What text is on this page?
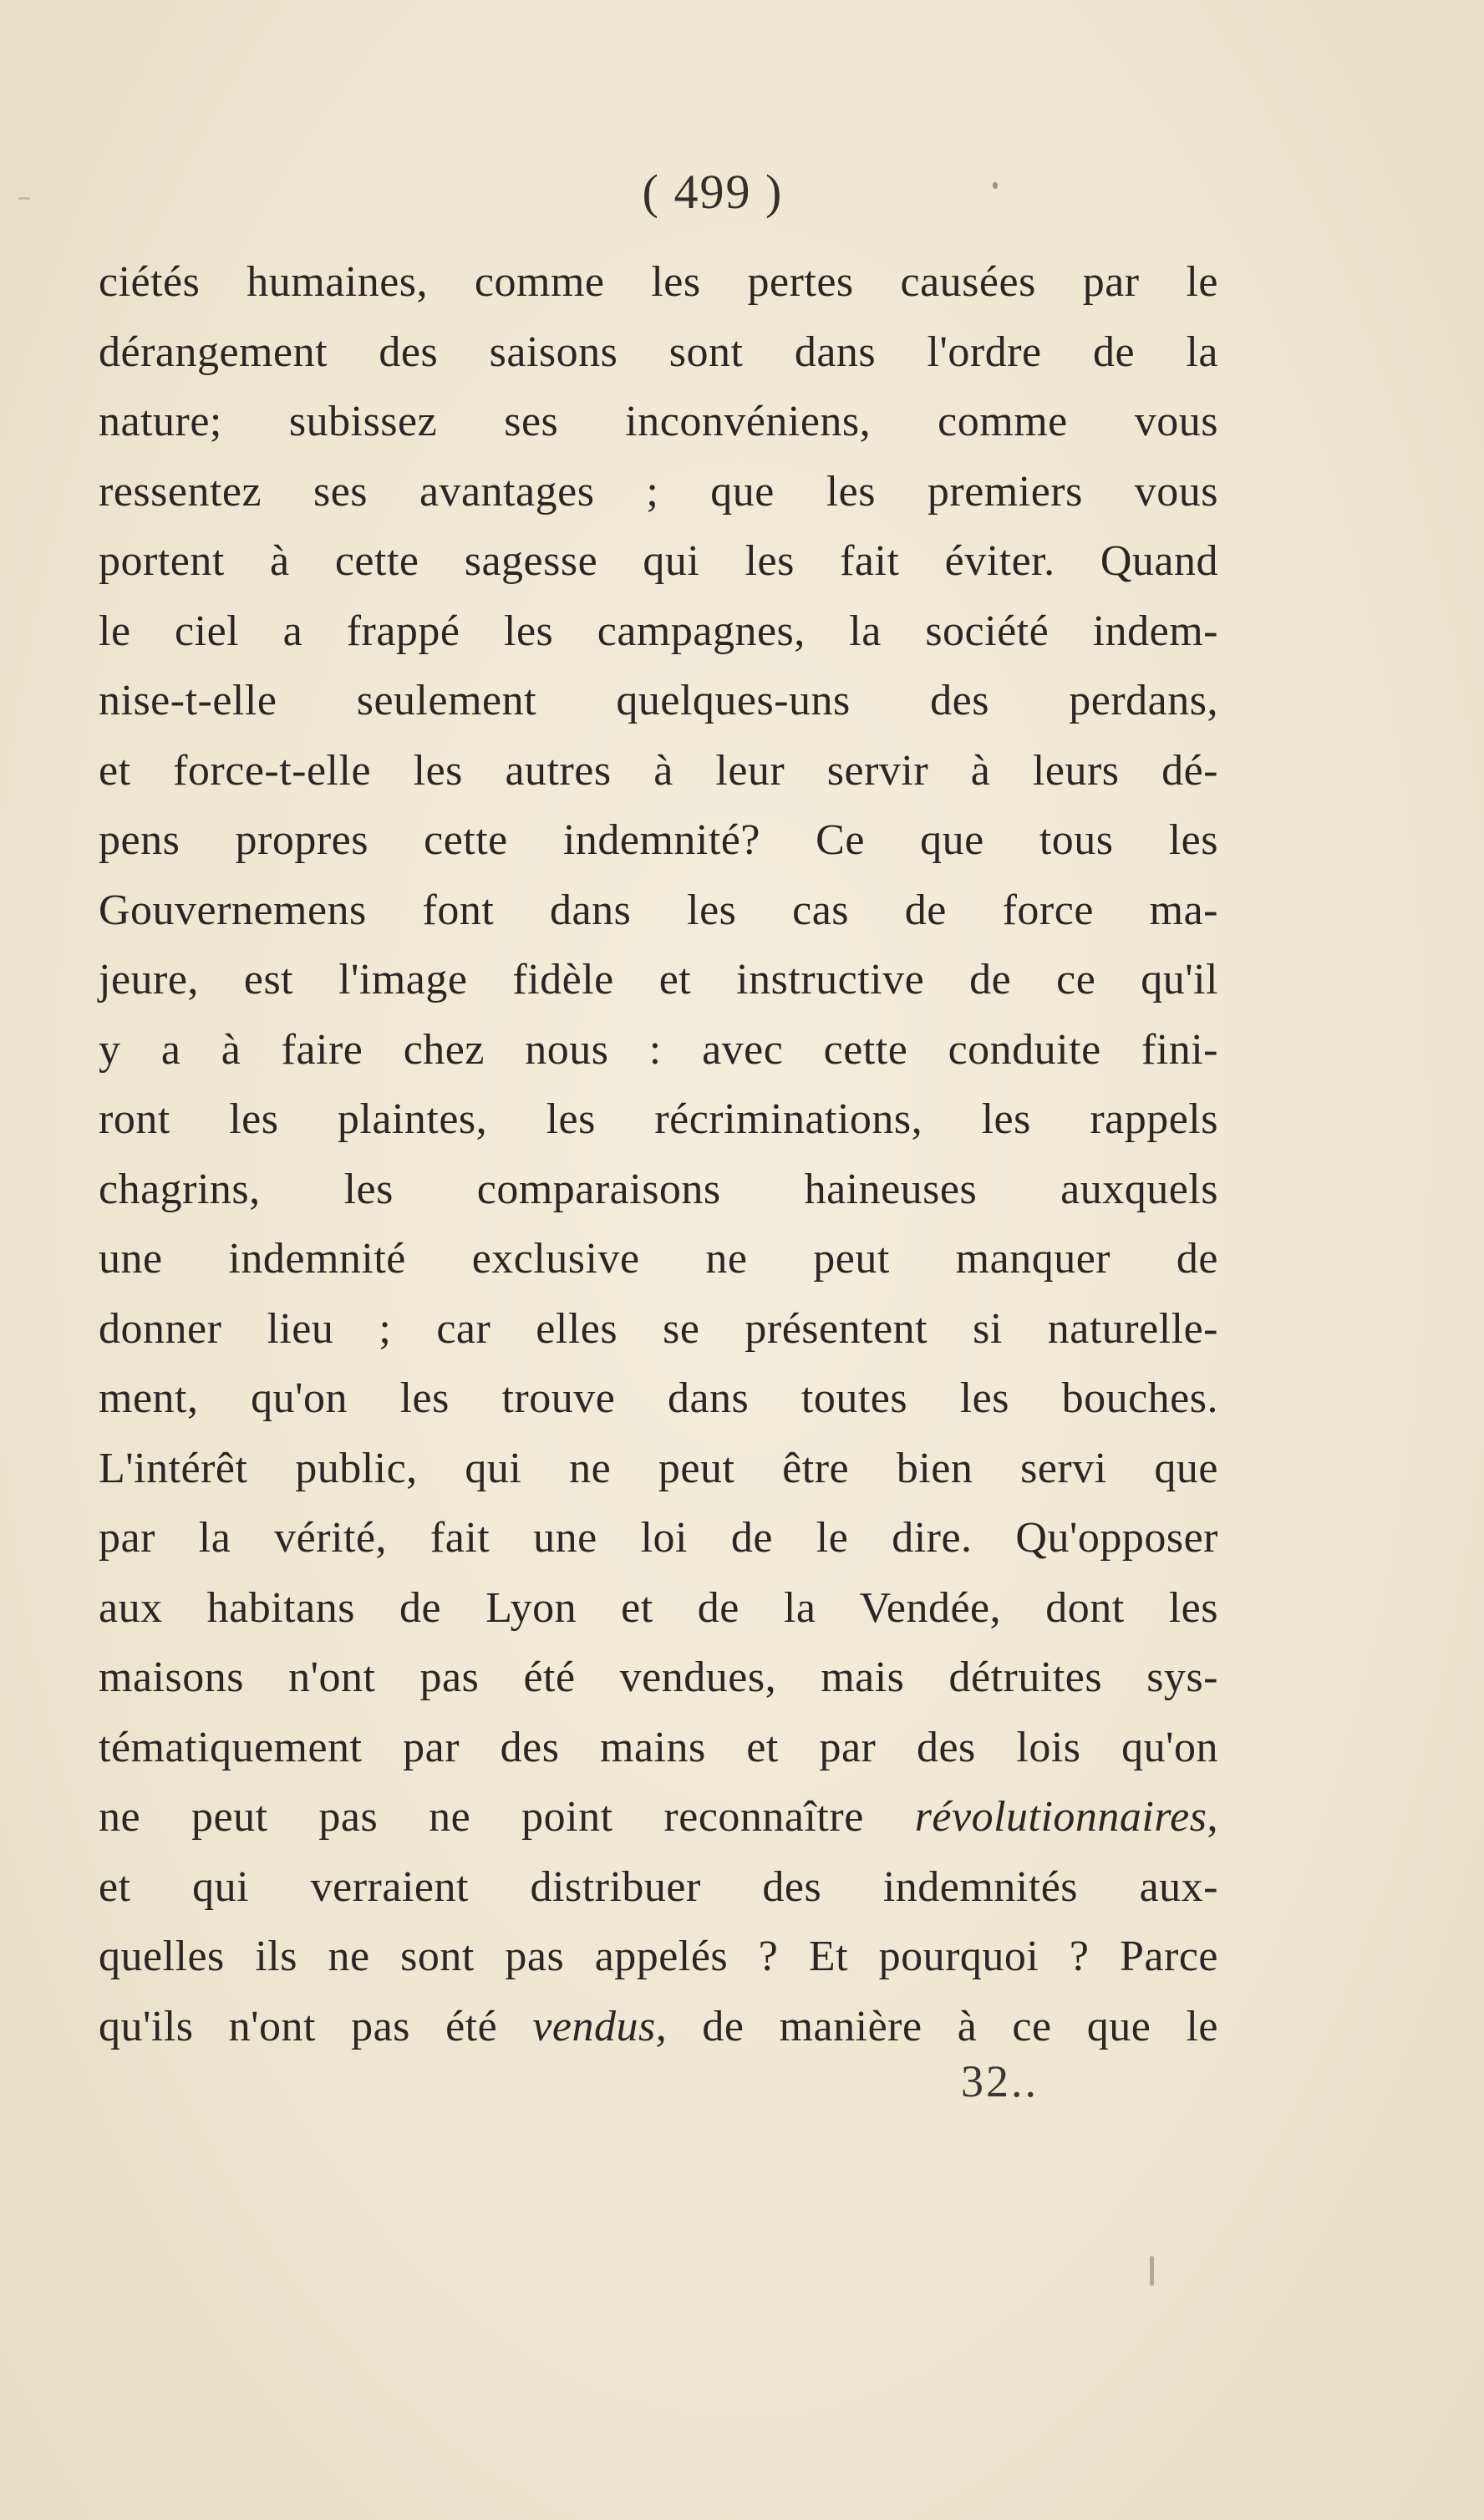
( 499 )
ciétés humaines, comme les pertes causées par le
dérangement des saisons sont dans l'ordre de la
nature; subissez ses inconvéniens, comme vous
ressentez ses avantages ; que les premiers vous
portent à cette sagesse qui les fait éviter. Quand
le ciel a frappé les campagnes, la société indem-
nise-t-elle seulement quelques-uns des perdans,
et force-t-elle les autres à leur servir à leurs dé-
pens propres cette indemnité? Ce que tous les
Gouvernemens font dans les cas de force ma-
jeure, est l'image fidèle et instructive de ce qu'il
y a à faire chez nous : avec cette conduite fini-
ront les plaintes, les récriminations, les rappels
chagrins, les comparaisons haineuses auxquels
une indemnité exclusive ne peut manquer de
donner lieu ; car elles se présentent si naturelle-
ment, qu'on les trouve dans toutes les bouches.
L'intérêt public, qui ne peut être bien servi que
par la vérité, fait une loi de le dire. Qu'opposer
aux habitans de Lyon et de la Vendée, dont les
maisons n'ont pas été vendues, mais détruites sys-
tématiquement par des mains et par des lois qu'on
ne peut pas ne point reconnaître révolutionnaires,
et qui verraient distribuer des indemnités aux-
quelles ils ne sont pas appelés ? Et pourquoi ? Parce
qu'ils n'ont pas été vendus, de manière à ce que le
32..
